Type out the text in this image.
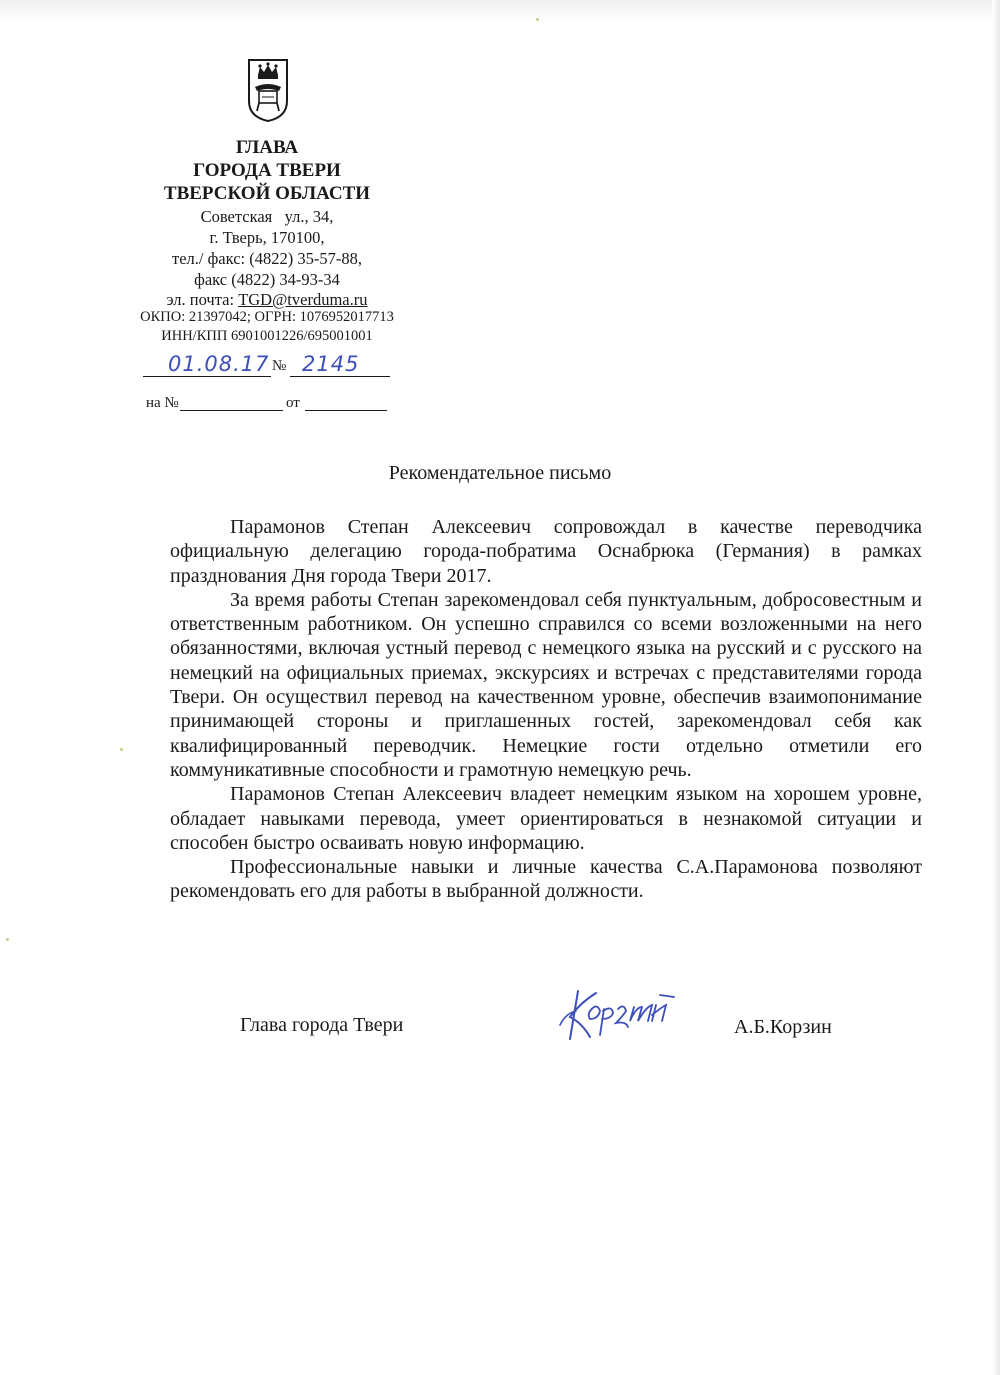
ГЛАВА
ГОРОДА ТВЕРИ
ТВЕРСКОЙ ОБЛАСТИ
Советская   ул., 34,
г. Тверь, 170100,
тел./ факс: (4822) 35-57-88,
факс (4822) 34-93-34
эл. почта: TGD@tverduma.ru
ОКПО: 21397042; ОГРН: 1076952017713
ИНН/КПП 6901001226/695001001
01.08.17 № 2145
на №	от
Рекомендательное письмо

Парамонов Степан Алексеевич сопровождал в качестве переводчика официальную делегацию города-побратима Оснабрюка (Германия) в рамках празднования Дня города Твери 2017.

За время работы Степан зарекомендовал себя пунктуальным, добросовестным и ответственным работником. Он успешно справился со всеми возложенными на него обязанностями, включая устный перевод с немецкого языка на русский и с русского на немецкий на официальных приемах, экскурсиях и встречах с представителями города Твери. Он осуществил перевод на качественном уровне, обеспечив взаимопонимание принимающей стороны и приглашенных гостей, зарекомендовал себя как квалифицированный переводчик. Немецкие гости отдельно отметили его коммуникативные способности и грамотную немецкую речь.

Парамонов Степан Алексеевич владеет немецким языком на хорошем уровне, обладает навыками перевода, умеет ориентироваться в незнакомой ситуации и способен быстро осваивать новую информацию.

Профессиональные навыки и личные качества С.А.Парамонова позволяют рекомендовать его для работы в выбранной должности.

Глава города Твери	А.Б.Корзин
